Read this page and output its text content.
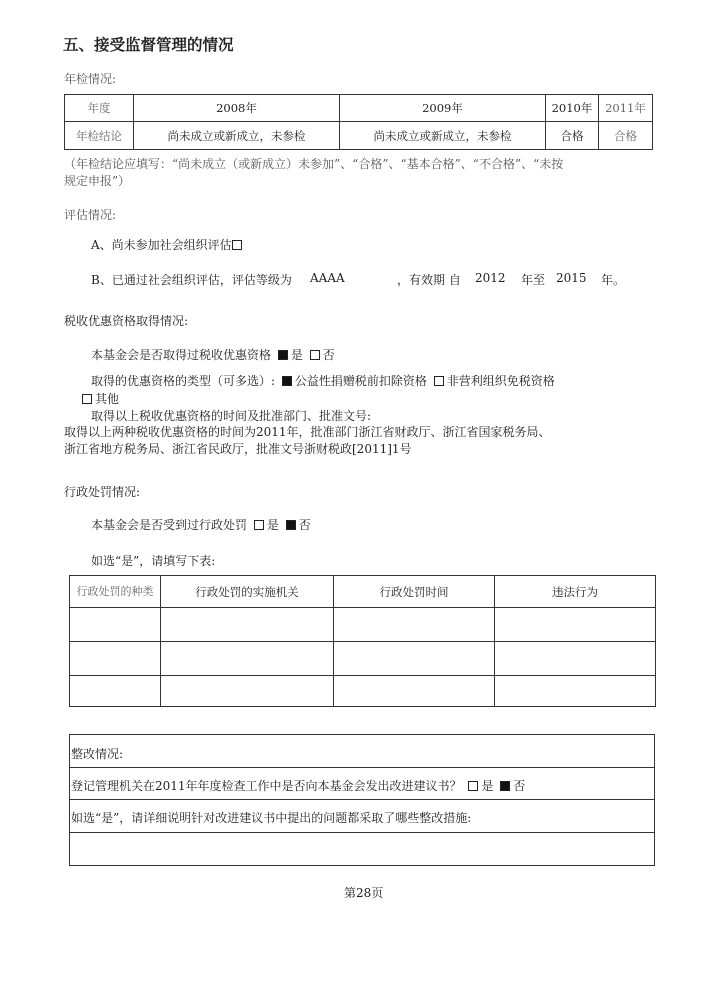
五、接受监督管理的情况
年检情况:
年度	2008年	2009年	2010年	2011年
年检结论	尚未成立或新成立，未参检	尚未成立或新成立，未参检	合格	合格
（年检结论应填写：“尚未成立（或新成立）未参加”、“合格”、“基本合格”、“不合格”、“未按
规定申报”）
评估情况:
A、尚未参加社会组织评估
B、已通过社会组织评估，评估等级为 AAAA	，有效期 自 2012 年至 2015 年。
税收优惠资格取得情况:
本基金会是否取得过税收优惠资格 是 否
取得的优惠资格的类型（可多选）: 公益性捐赠税前扣除资格 非营利组织免税资格
其他
取得以上税收优惠资格的时间及批准部门、批准文号:
取得以上两种税收优惠资格的时间为2011年，批准部门浙江省财政厅、浙江省国家税务局、
浙江省地方税务局、浙江省民政厅，批准文号浙财税政[2011]1号
行政处罚情况:
本基金会是否受到过行政处罚 是 否
如选“是”，请填写下表:
行政处罚的种类	行政处罚的实施机关	行政处罚时间	违法行为

整改情况:
登记管理机关在2011年年度检查工作中是否向本基金会发出改进建议书？ 是 否
如选“是”，请详细说明针对改进建议书中提出的问题都采取了哪些整改措施:
第28页
